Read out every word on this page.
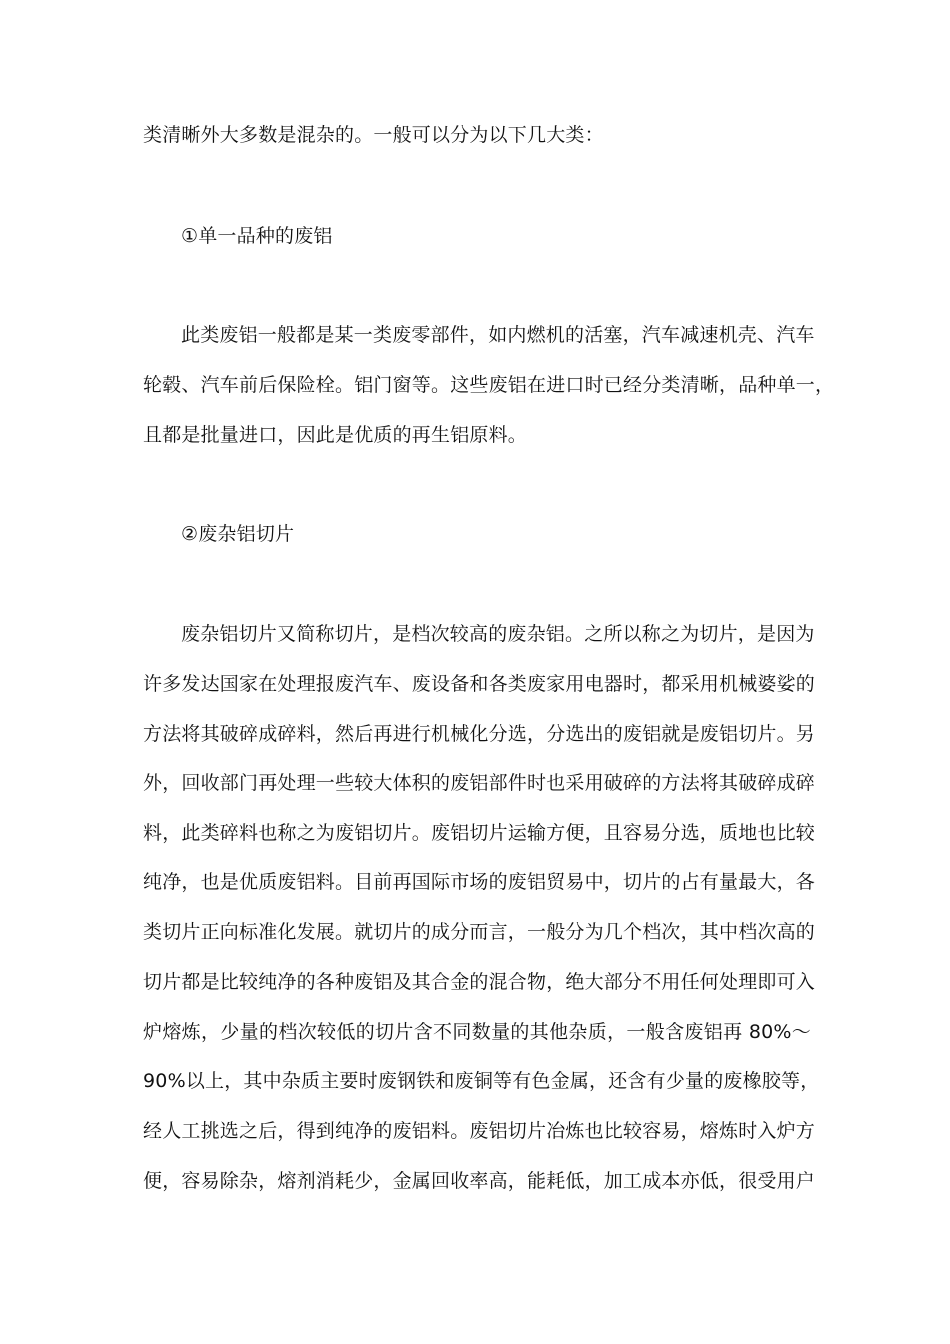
类清晰外大多数是混杂的。一般可以分为以下几大类：
①单一品种的废铝
此类废铝一般都是某一类废零部件，如内燃机的活塞，汽车减速机壳、汽车
轮毂、汽车前后保险栓。铝门窗等。这些废铝在进口时已经分类清晰，品种单一，
且都是批量进口，因此是优质的再生铝原料。
②废杂铝切片
废杂铝切片又简称切片，是档次较高的废杂铝。之所以称之为切片，是因为
许多发达国家在处理报废汽车、废设备和各类废家用电器时，都采用机械婆娑的
方法将其破碎成碎料，然后再进行机械化分选，分选出的废铝就是废铝切片。另
外，回收部门再处理一些较大体积的废铝部件时也采用破碎的方法将其破碎成碎
料，此类碎料也称之为废铝切片。废铝切片运输方便，且容易分选，质地也比较
纯净，也是优质废铝料。目前再国际市场的废铝贸易中，切片的占有量最大，各
类切片正向标准化发展。就切片的成分而言，一般分为几个档次，其中档次高的
切片都是比较纯净的各种废铝及其合金的混合物，绝大部分不用任何处理即可入
炉熔炼，少量的档次较低的切片含不同数量的其他杂质，一般含废铝再 80%～
90%以上，其中杂质主要时废钢铁和废铜等有色金属，还含有少量的废橡胶等，
经人工挑选之后，得到纯净的废铝料。废铝切片冶炼也比较容易，熔炼时入炉方
便，容易除杂，熔剂消耗少，金属回收率高，能耗低，加工成本亦低，很受用户
